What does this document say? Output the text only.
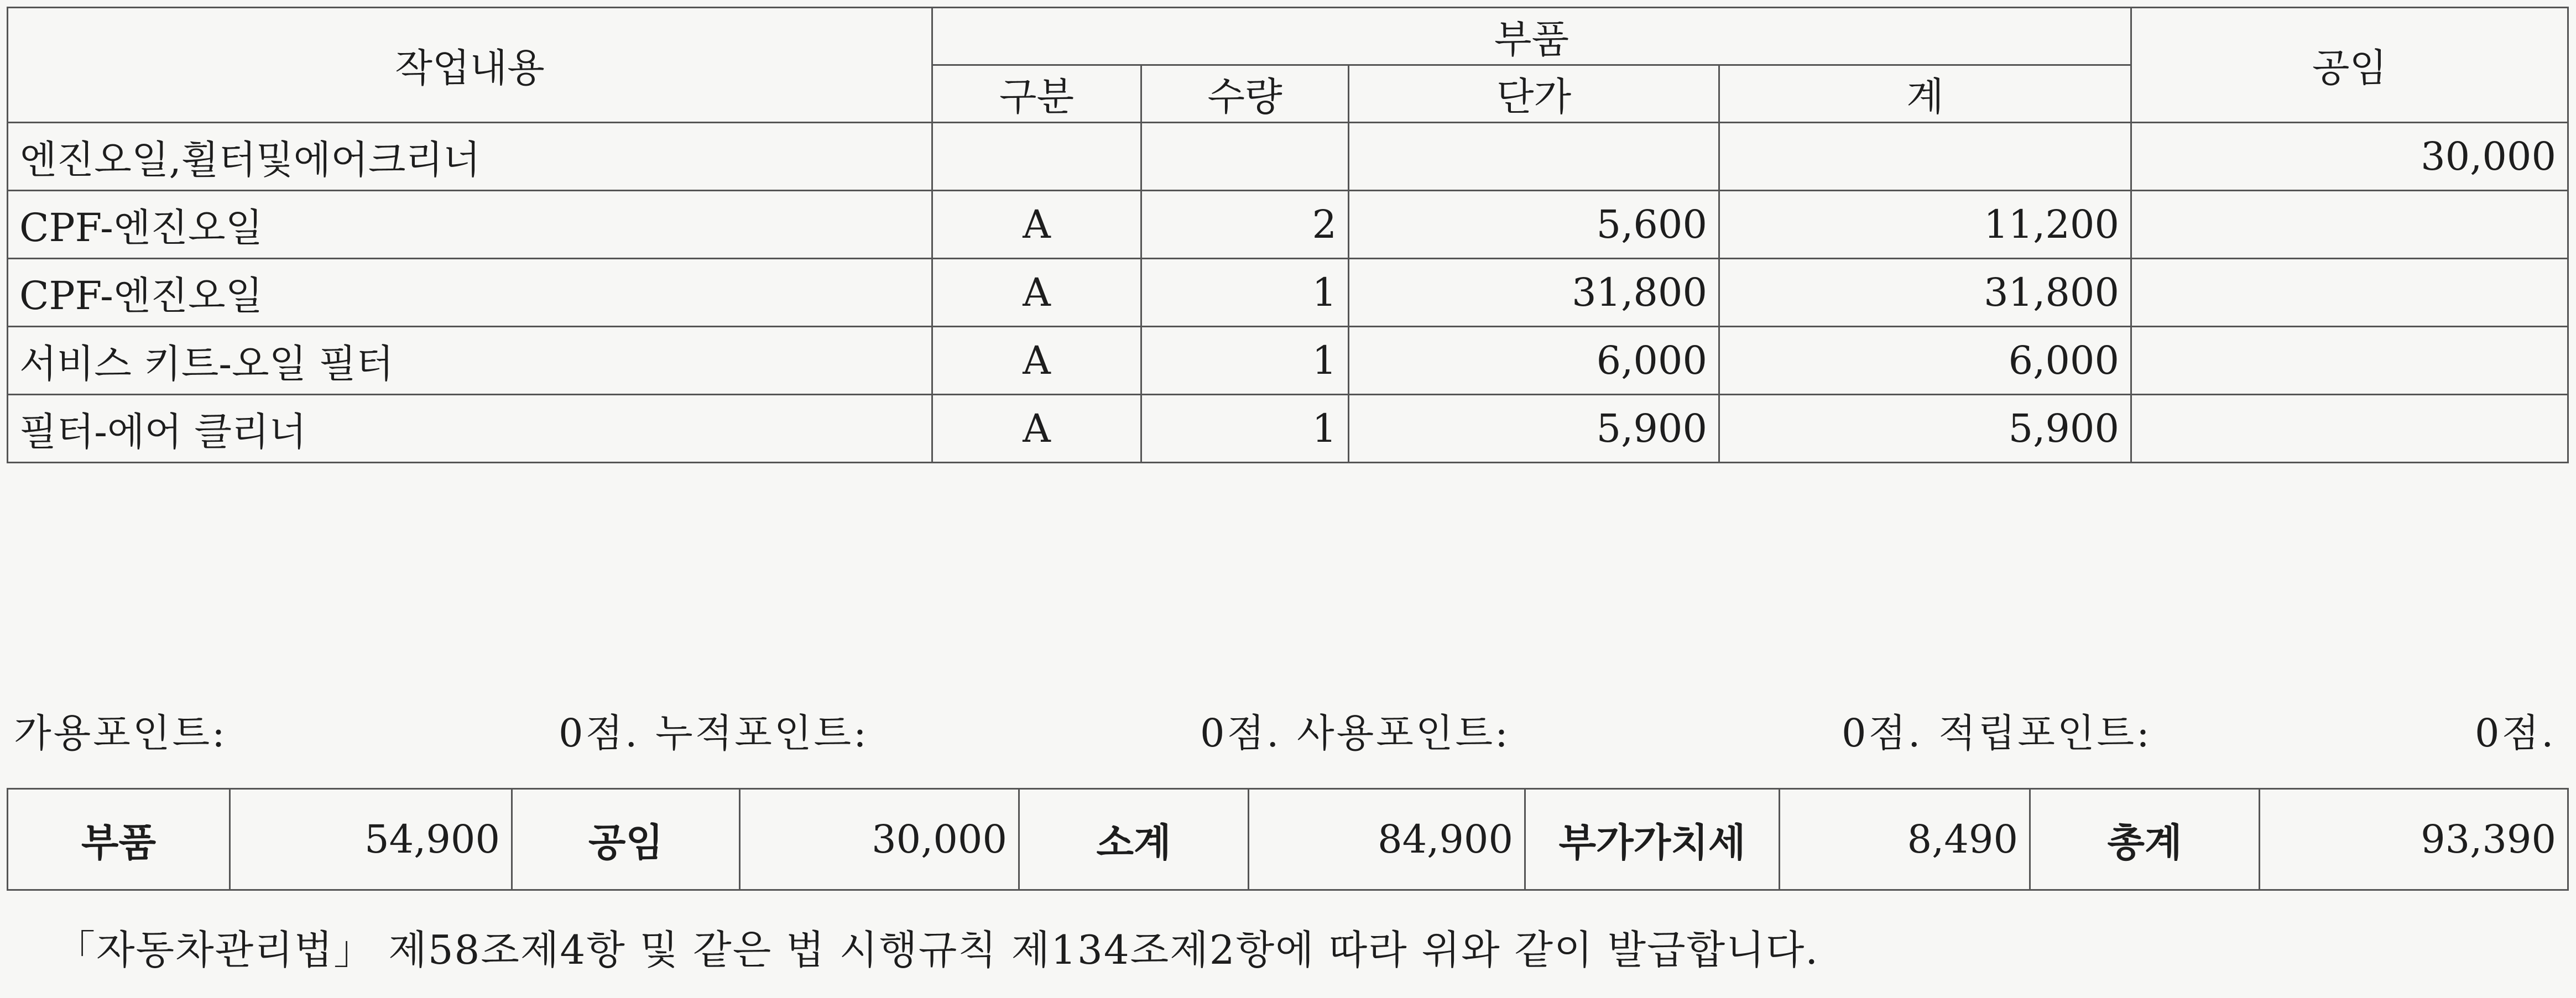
작업내용	부품				공임
	구분	수량	단가	계	
엔진오일,휠터및에어크리너					30,000
CPF-엔진오일	A	2	5,600	11,200	
CPF-엔진오일	A	1	31,800	31,800	
서비스 키트-오일 필터	A	1	6,000	6,000	
필터-에어 클리너	A	1	5,900	5,900	
가용포인트:	0점. 누적포인트:	0점. 사용포인트:	0점. 적립포인트:	0점.
부품	54,900	공임	30,000	소계	84,900	부가가치세	8,490	총계	93,390
「자동차관리법」 제58조제4항 및 같은 법 시행규칙 제134조제2항에 따라 위와 같이 발급합니다.
